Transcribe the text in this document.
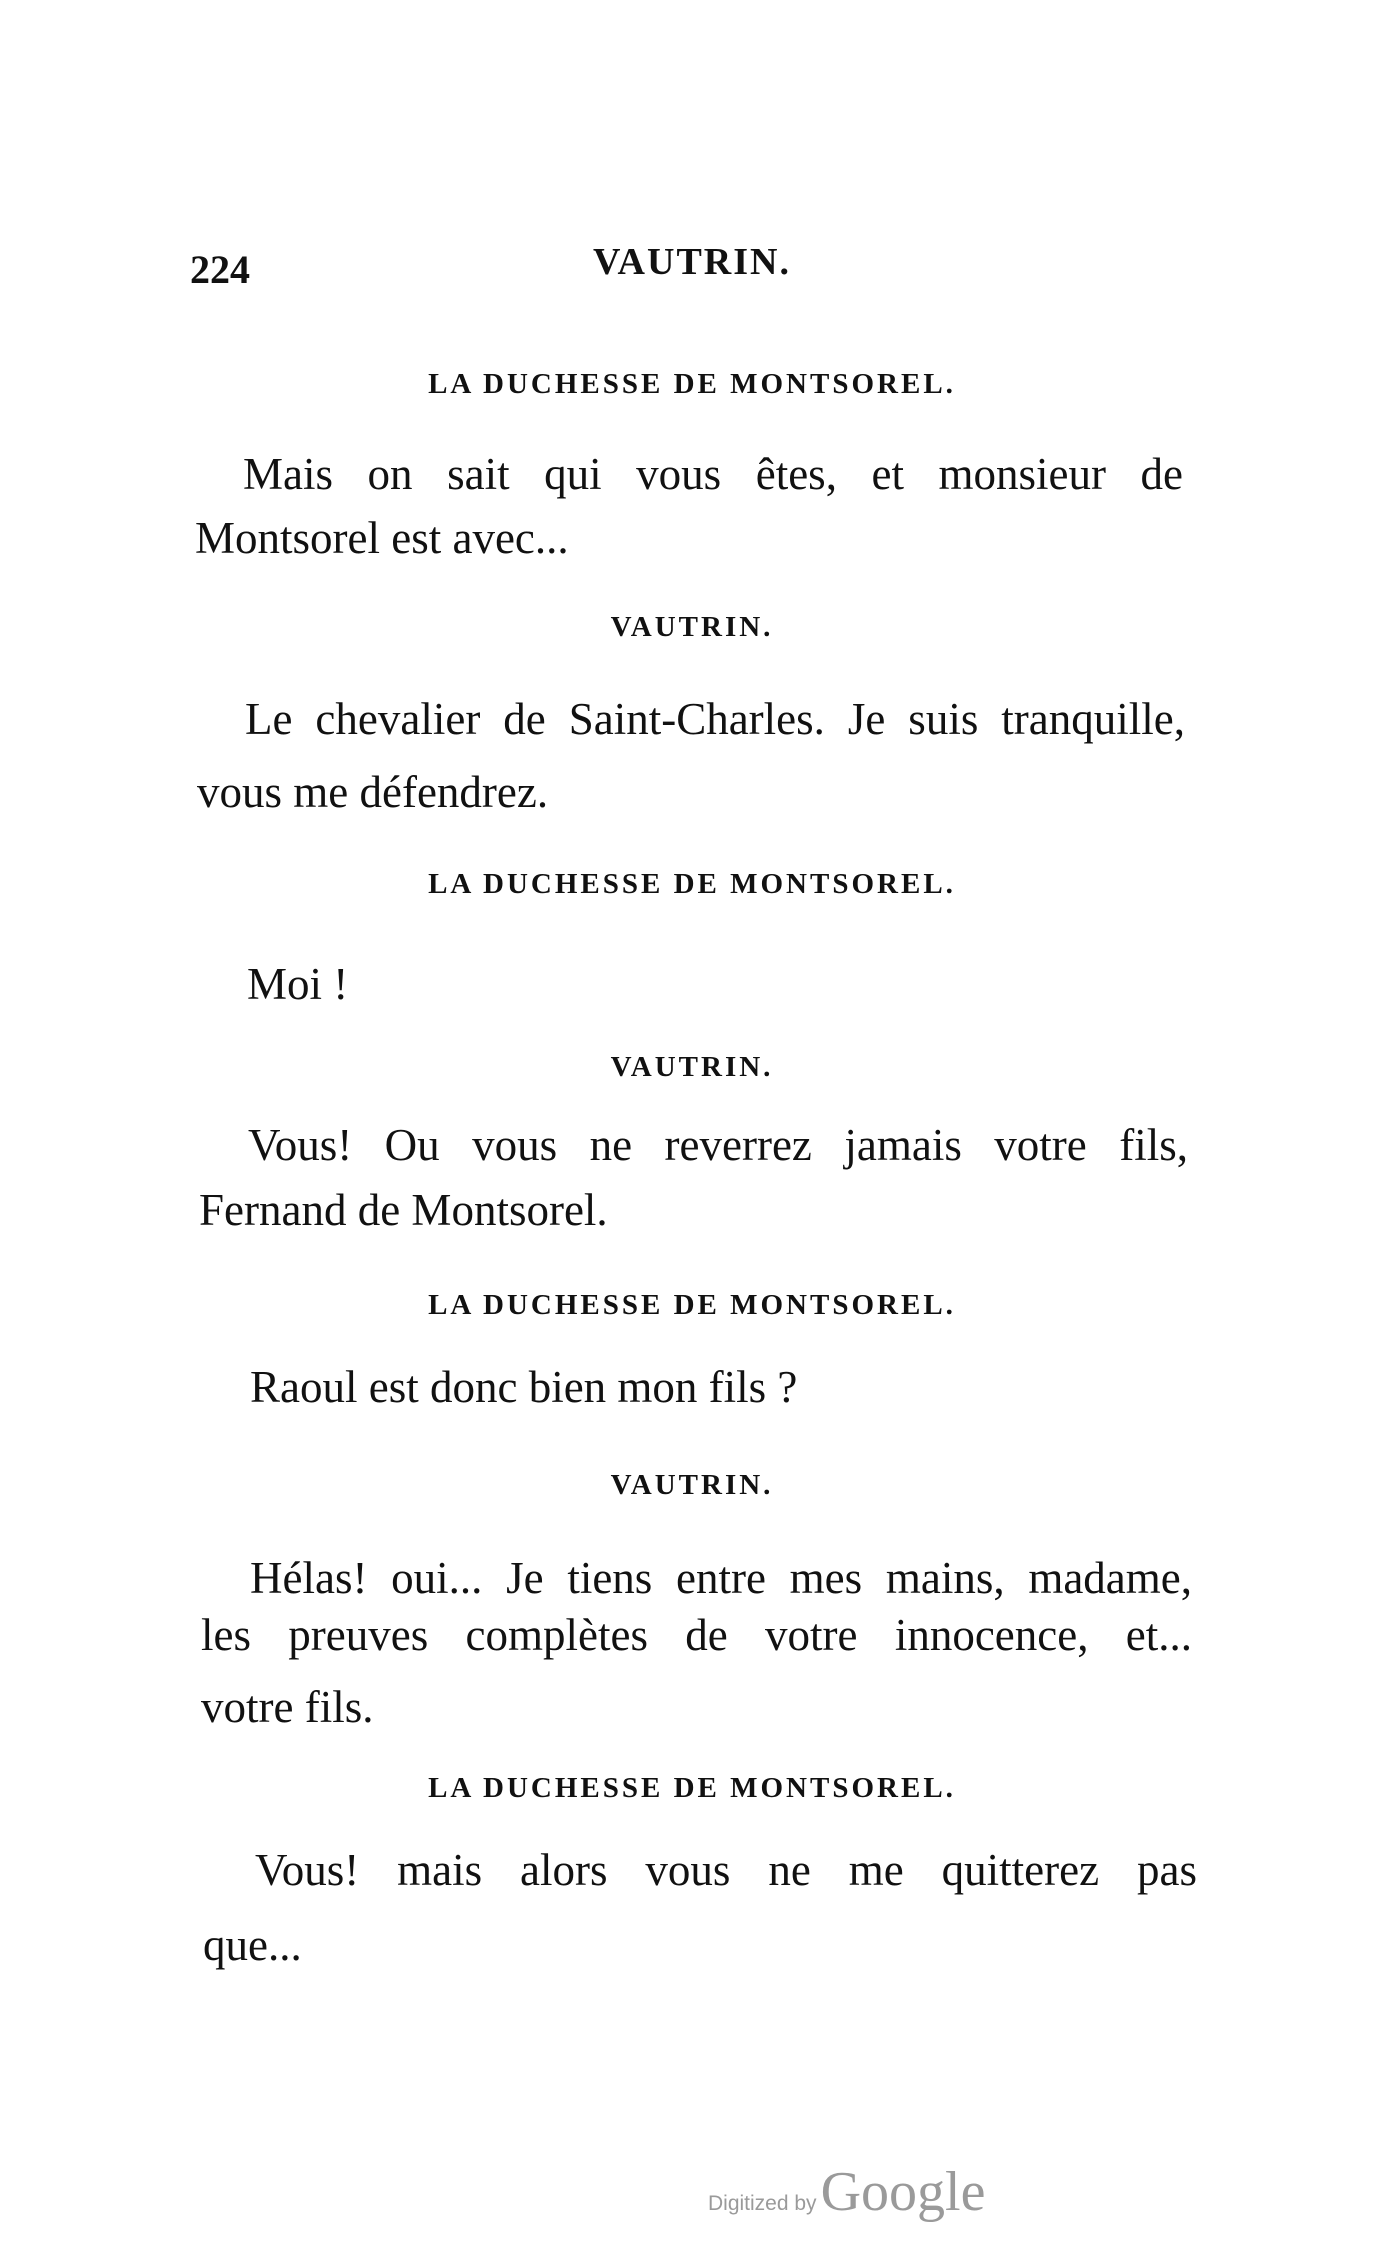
224	VAUTRIN.
LA DUCHESSE DE MONTSOREL.
Mais on sait qui vous êtes, et monsieur de
Montsorel est avec...
VAUTRIN.
Le chevalier de Saint-Charles. Je suis tranquille,
vous me défendrez.
LA DUCHESSE DE MONTSOREL.
Moi !
VAUTRIN.
Vous! Ou vous ne reverrez jamais votre fils,
Fernand de Montsorel.
LA DUCHESSE DE MONTSOREL.
Raoul est donc bien mon fils ?
VAUTRIN.
Hélas! oui... Je tiens entre mes mains, madame,
les preuves complètes de votre innocence, et...
votre fils.
LA DUCHESSE DE MONTSOREL.
Vous! mais alors vous ne me quitterez pas
que...
Digitized by Google
